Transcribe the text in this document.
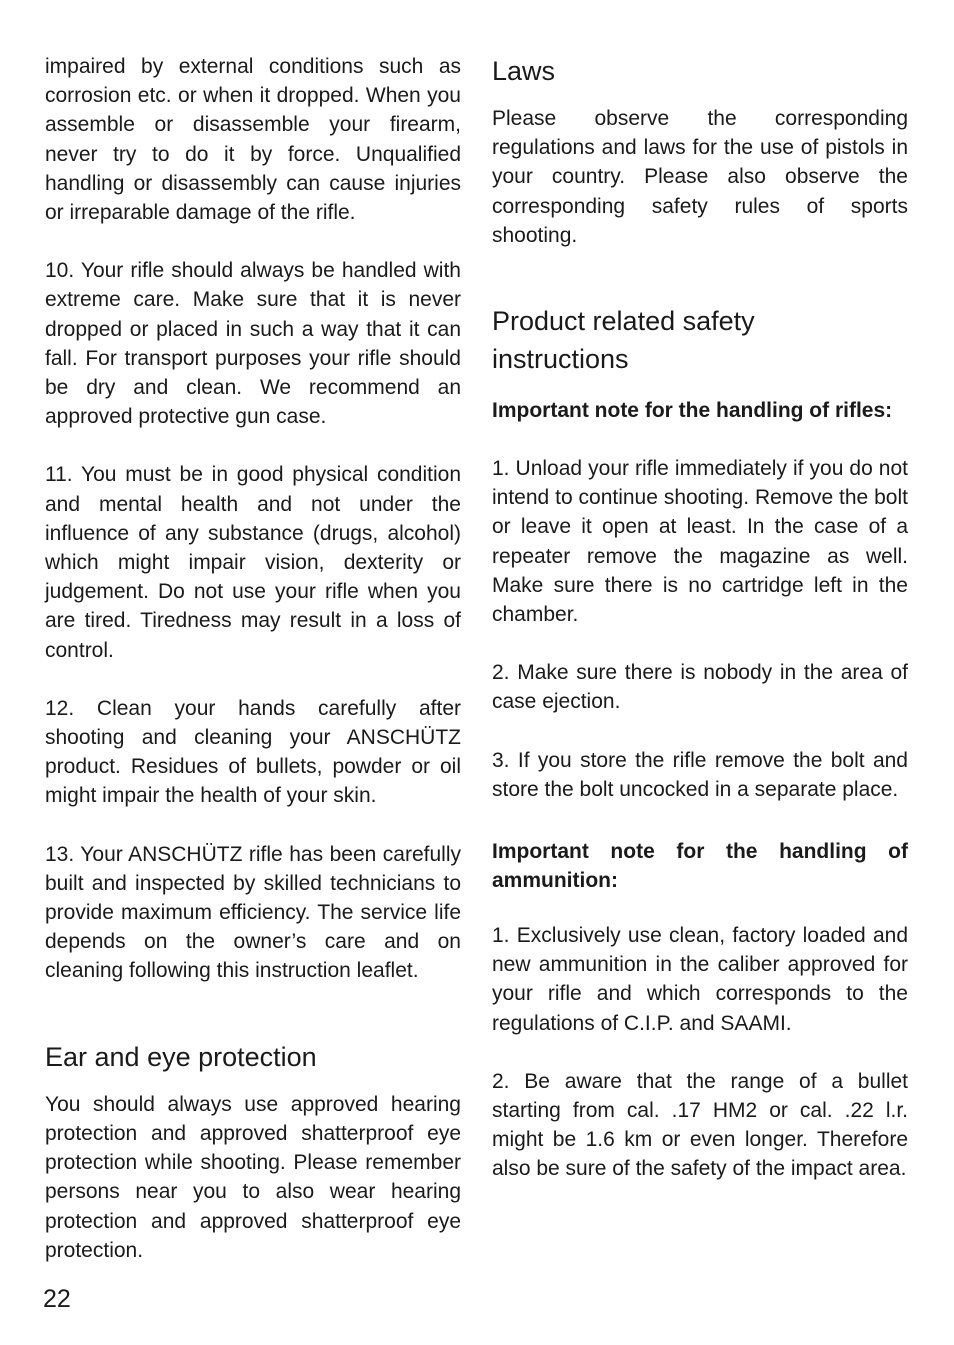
impaired by external conditions such as corrosion etc. or when it dropped. When you assemble or disassemble your firearm, never try to do it by force. Unqualified handling or disassembly can cause injuries or irreparable damage of the rifle.

10. Your rifle should always be handled with extreme care. Make sure that it is never dropped or placed in such a way that it can fall. For transport purposes your rifle should be dry and clean. We recommend an approved protective gun case.

11. You must be in good physical condition and mental health and not under the influence of any substance (drugs, alcohol) which might impair vision, dexterity or judgement. Do not use your rifle when you are tired. Tiredness may result in a loss of control.

12. Clean your hands carefully after shooting and cleaning your ANSCHÜTZ product. Residues of bullets, powder or oil might impair the health of your skin.

13. Your ANSCHÜTZ rifle has been carefully built and inspected by skilled technicians to provide maximum efficiency. The service life depends on the owner’s care and on cleaning following this instruction leaflet.

Ear and eye protection

You should always use approved hearing protection and approved shatterproof eye protection while shooting. Please remember persons near you to also wear hearing protection and approved shatterproof eye protection.

Laws

Please observe the corresponding regulations and laws for the use of pistols in your country. Please also observe the corresponding safety rules of sports shooting.

Product related safety
instructions
Important note for the handling of rifles:

1. Unload your rifle immediately if you do not intend to continue shooting. Remove the bolt or leave it open at least. In the case of a repeater remove the magazine as well. Make sure there is no cartridge left in the chamber.

2. Make sure there is nobody in the area of case ejection.

3. If you store the rifle remove the bolt and store the bolt uncocked in a separate place.

Important note for the handling of ammunition:

1. Exclusively use clean, factory loaded and new ammunition in the caliber approved for your rifle and which corresponds to the regulations of C.I.P. and SAAMI.

2. Be aware that the range of a bullet starting from cal. .17 HM2 or cal. .22 l.r. might be 1.6 km or even longer. Therefore also be sure of the safety of the impact area.

22
